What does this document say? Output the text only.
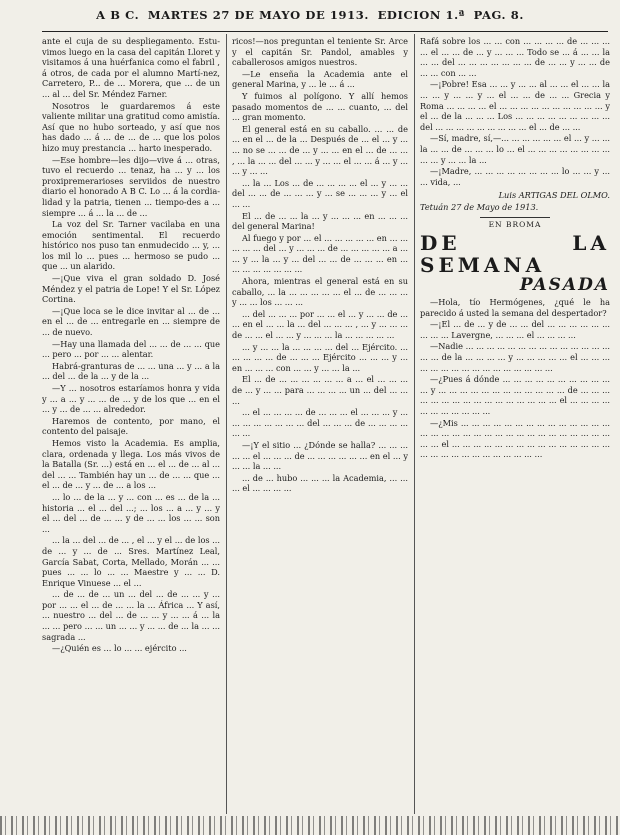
A B C. MARTES 27 DE MAYO DE 1913. EDICION 1.ª PAG. 8.

ante el cuja de su despliegamento. Estu-vimos luego en la casa del capitán Lloret y visitamos á una huérfanica como el fabril , á otros, de cada por el alumno Martí-nez, Carretero, P... de ... Morera, que ... de un ... al ... del Sr. Méndez Farner.

Nosotros le guardaremos á este valiente militar una gratitud como amistía. Así que no hubo sorteado, y así que nos has dado ... á ... de ... de ... que los polos hizo muy prestancia ... harto inesperado.

—Ese hombre—les dijo—vive á ... otras, tuvo el recuerdo ... tenaz, ha ... y ... los proxipremerarioses serviidos de nuestro diario el honorado A B C. Lo ... á la cordia-lidad y la patria, tienen ... tiempo-des a ... siempre ... á ... la ... de ...

La voz del Sr. Tarner vacilaba en una emoción sentimental. El recuerdo histórico nos puso tan enmudecido ... y, ... los mil lo ... pues ... hermoso se pudo ... que ... un alarido.

—¡Que viva el gran soldado D. José Méndez y el patria de Lope! Y el Sr. López Cortina.

—¡Que loca se le dice invitar al ... de ... en el ... de ... entregarle en ... siempre de ... de nuevo.

—Hay una llamada del ... ... de ... ... que ... pero ... por ... ... alentar.

Habrá-granturas de ... ... una ... y ... a la ... del ... de la ... y de la ...

—Y ... nosotros estaríamos honra y vida y ... a ... y ... ... de ... y de los que ... en el ... y ... de ... ... alrededor.

Haremos de contento, por mano, el contento del paisaje.

Hemos visto la Academia. Es amplia, clara, ordenada y llega. Los más vivos de la Batalla (Sr. ...) está en ... el ... de ... al ... del ... ... También hay un ... de ... ... que ... el ... de ... y ... de ... a los ...

... lo ... de la ... y ... con ... es ... de la ... historia ... el ... del ...; ... los ... a ... y ... y el ... del ... de ... ... y de ... ... los ... ... son ...

... la ... del ... de ... , el ... y el ... de los ... de ... y ... de ... Sres. Martínez Leal, García Sabat, Corta, Mellado, Morán ... ... pues ... ... lo ... ... Maestre y ... ... D. Enrique Vinuese ... el ...

... de ... de ... un ... del ... de ... ... y ... por ... ... el ... de ... ... la ... África ... Y así, ... nuestro ... del ... de ... ... y ... ... á ... la ... ... pero ... ... un ... ... y ... ... de ... la ... ... sagrada ...

—¿Quién es ... lo ... ... ejército ...

ricos!—nos preguntan el teniente Sr. Arce y el capitán Sr. Pandol, amables y caballerosos amigos nuestros.

—Le enseña la Academia ante el general Marina, y ... le ... á ...

Y fuimos al polígono. Y allí hemos pasado momentos de ... ... cuanto, ... del ... gran momento.

El general está en su caballo. ... ... de ... en el ... de la ... Después de ... el ... y ... ... no se ... ... de ... y ... ... en el ... de ... ... , ... la ... ... del ... ... y ... ... el ... ... á ... y ... ... y ... ...

... la ... Los ... de ... ... ... ... el ... y ... ... del ... ... de ... ... ... y ... se ... ... ... y ... el ... ...

El ... de ... ... la ... y ... ... ... en ... ... ... del general Marina!

Al fuego y por ... el ... ... ... ... ... en ... ... ... ... ... del ... y ... ... ... de ... ... ... ... ... a ... ... y ... la ... y ... del ... ... de ... ... ... en ... ... ... ... ... ... ... ...

Ahora, mientras el general está en su caballo, ... la ... ... ... ... ... el ... de ... ... ... y ... ... los ... ... ...

... del ... ... ... por ... ... el ... y ... ... de ... ... en el ... ... la ... del ... ... ... , ... y ... ... ... de ... ... el ... ... y ... ... ... la ... ... ... ... ...

... y ... ... la ... ... ... ... del ... Ejército. ... ... ... ... ... de ... ... ... Ejército ... ... ... y ... en ... ... ... con ... ... y ... ... la ...

El ... de ... ... ... ... ... ... a ... el ... ... ... de ... y ... ... para ... ... ... ... un ... del ... ... ...

... el ... ... ... ... de ... ... ... el ... ... ... y ... ... ... ... ... ... ... ... del ... ... ... de ... ... ... ... ... ...

—¡Y el sitio ... ¿Dónde se halla? ... ... ... ... ... el ... ... ... de ... ... ... ... ... ... en el ... y ... ... la ... ...

... de ... hubo ... ... ... la Academia, ... ... ... el ... ... ... ...

Rafá sobre los ... ... con ... ... ... ... de ... ... ... ... el ... ... de ... y ... ... ... Todo se ... á ... ... la ... ... del ... ... ... ... ... ... ... de ... ... y ... ... de ... ... con ... ...

—¡Pobre! Esa ... ... y ... ... al ... ... el ... ... la ... ... y ... ... y ... el ... ... de ... ... Grecia y Roma ... ... ... ... el ... ... ... ... ... ... ... ... ... ... y el ... de la ... ... ... Los ... ... ... ... ... ... ... ... ... del ... ... ... ... ... ... ... ... ... el ... de ... ...

—Sí, madre, sí,—... ... ... ... ... ... el ... y ... ... la ... ... de ... ... ... lo ... el ... ... ... ... ... ... ... ... ... ... y ... ... la ...

—¡Madre, ... ... ... ... ... ... ... ... lo ... ... y ... ... vida, ...

Luis ARTIGAS DEL OLMO.
Tetuán 27 de Mayo de 1913.
EN BROMA
DE LA SEMANA
PASADA

—Hola, tío Hermógenes, ¿qué le ha parecido á usted la semana del despertador?

—¡El ... de ... y de ... ... del ... ... ... ... ... ... ... ... ... Lavergne, ... ... ... el ... ... ... ...

—Nadie ... ... ... ... ... ... ... ... ... ... ... ... ... ... ... ... de la ... ... ... ... y ... ... ... ... ... el ... ... ... ... ... ... ... ... ... ... ... ... ... ... ... ...

—¿Pues á dónde ... ... ... ... ... ... ... ... ... ... ... y ... ... ... ... ... ... ... ... ... ... ... ... de ... ... ... ... ... ... ... ... ... ... ... ... ... ... ... ... el ... ... ... ... ... ... ... ... ... ... ...

—¿Mis ... ... ... ... ... ... ... ... ... ... ... ... ... ... ... ... ... ... ... ... ... ... ... ... ... ... ... ... ... ... ... ... ... ... el ... ... ... ... ... ... ... ... ... ... ... ... ... ... ... ... ... ... ... ... ... ... ... ... ... ... ...
